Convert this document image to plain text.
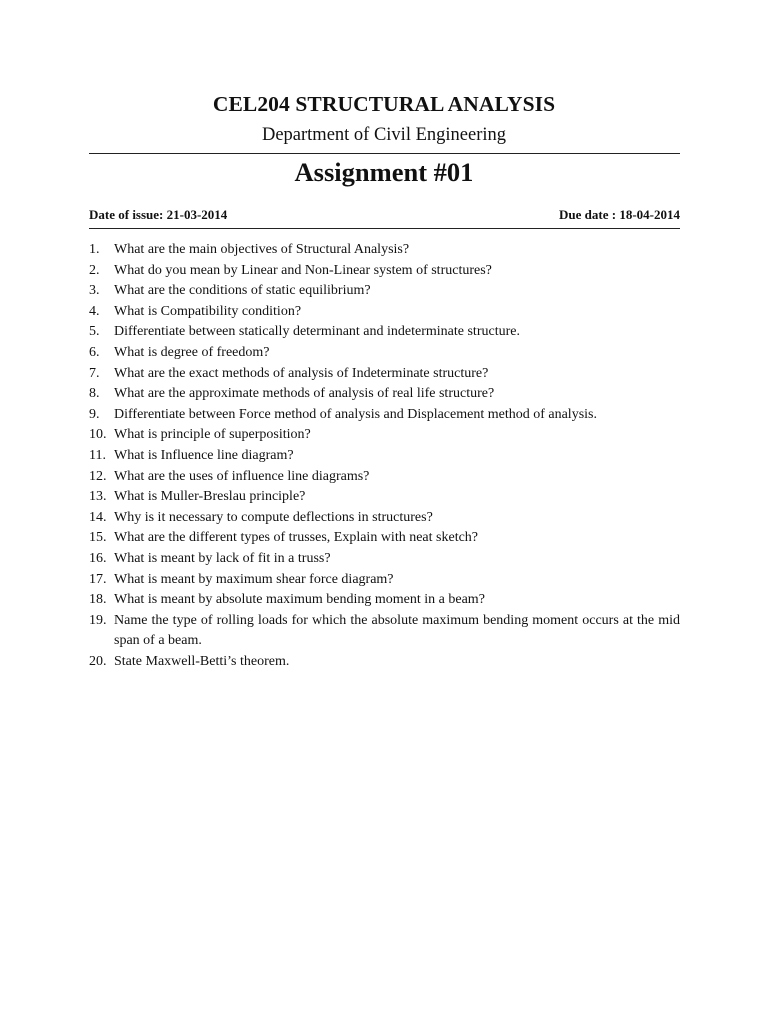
CEL204 STRUCTURAL ANALYSIS
Department of Civil Engineering
Assignment #01
Date of issue: 21-03-2014	Due date : 18-04-2014
1. What are the main objectives of Structural Analysis?
2. What do you mean by Linear and Non-Linear system of structures?
3. What are the conditions of static equilibrium?
4. What is Compatibility condition?
5. Differentiate between statically determinant and indeterminate structure.
6. What is degree of freedom?
7. What are the exact methods of analysis of Indeterminate structure?
8. What are the approximate methods of analysis of real life structure?
9. Differentiate between Force method of analysis and Displacement method of analysis.
10. What is principle of superposition?
11. What is Influence line diagram?
12. What are the uses of influence line diagrams?
13. What is Muller-Breslau principle?
14. Why is it necessary to compute deflections in structures?
15. What are the different types of trusses, Explain with neat sketch?
16. What is meant by lack of fit in a truss?
17. What is meant by maximum shear force diagram?
18. What is meant by absolute maximum bending moment in a beam?
19. Name the type of rolling loads for which the absolute maximum bending moment occurs at the mid span of a beam.
20. State Maxwell-Betti’s theorem.
